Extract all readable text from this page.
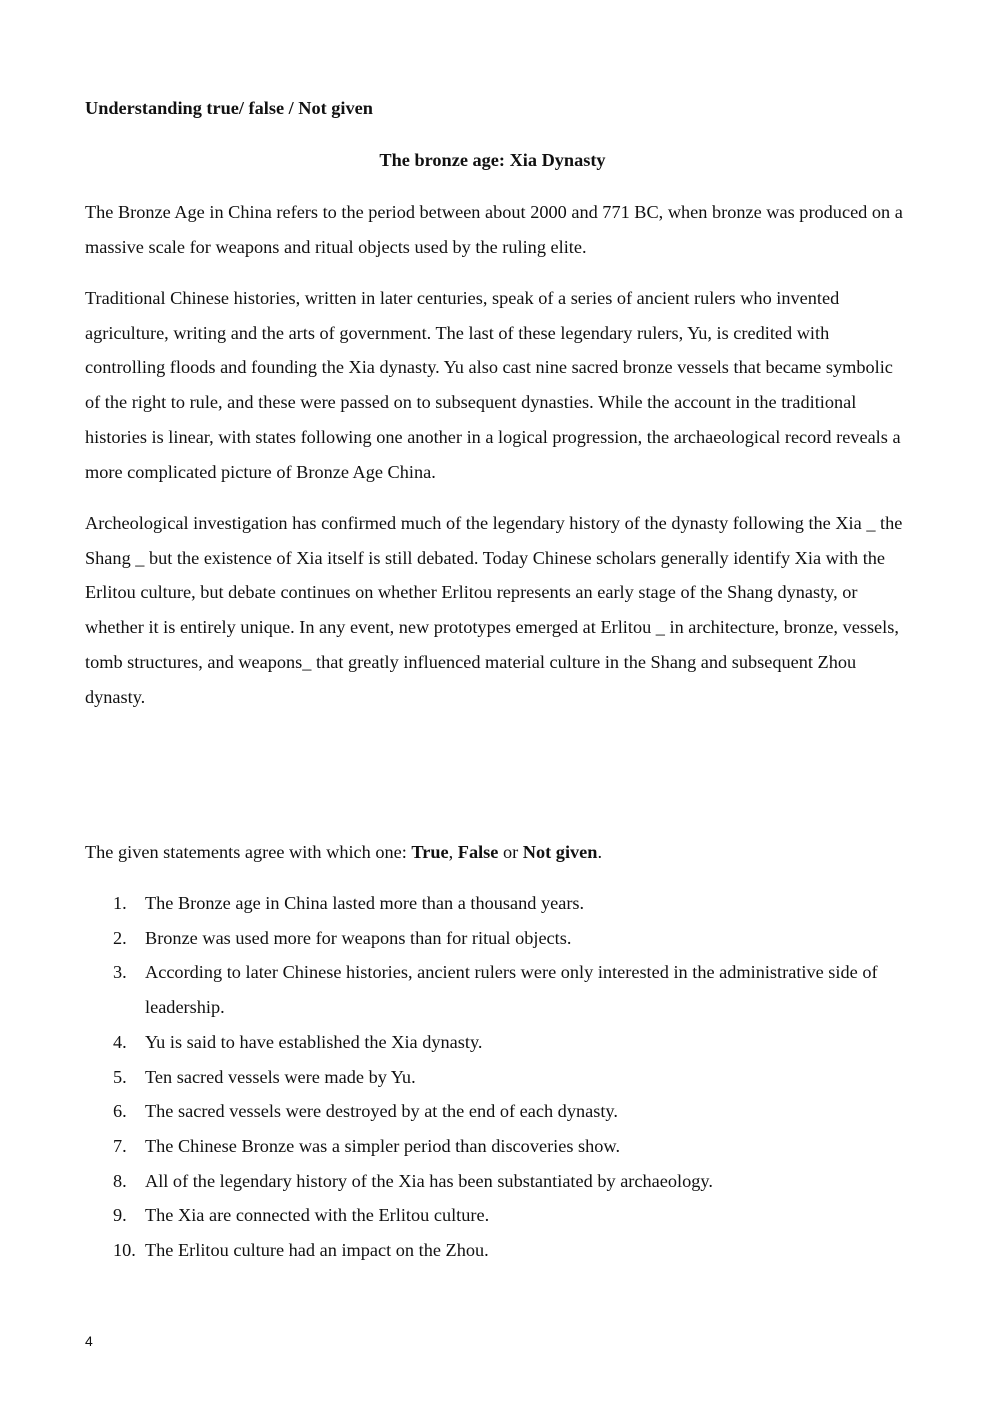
Understanding true/ false / Not given

The bronze age: Xia Dynasty

The Bronze Age in China refers to the period between about 2000 and 771 BC, when bronze was produced on a massive scale for weapons and ritual objects used by the ruling elite.

Traditional Chinese histories, written in later centuries, speak of a series of ancient rulers who invented agriculture, writing and the arts of government. The last of these legendary rulers, Yu, is credited with controlling floods and founding the Xia dynasty. Yu also cast nine sacred bronze vessels that became symbolic of the right to rule, and these were passed on to subsequent dynasties. While the account in the traditional histories is linear, with states following one another in a logical progression, the archaeological record reveals a more complicated picture of Bronze Age China.

Archeological investigation has confirmed much of the legendary history of the dynasty following the Xia _ the Shang _ but the existence of Xia itself is still debated. Today Chinese scholars generally identify Xia with the Erlitou culture, but debate continues on whether Erlitou represents an early stage of the Shang dynasty, or whether it is entirely unique. In any event, new prototypes emerged at Erlitou _ in architecture, bronze, vessels, tomb structures, and weapons_ that greatly influenced material culture in the Shang and subsequent Zhou dynasty.

The given statements agree with which one: True, False or Not given.

1. The Bronze age in China lasted more than a thousand years.
2. Bronze was used more for weapons than for ritual objects.
3. According to later Chinese histories, ancient rulers were only interested in the administrative side of leadership.
4. Yu is said to have established the Xia dynasty.
5. Ten sacred vessels were made by Yu.
6. The sacred vessels were destroyed by at the end of each dynasty.
7. The Chinese Bronze was a simpler period than discoveries show.
8. All of the legendary history of the Xia has been substantiated by archaeology.
9. The Xia are connected with the Erlitou culture.
10. The Erlitou culture had an impact on the Zhou.
4
